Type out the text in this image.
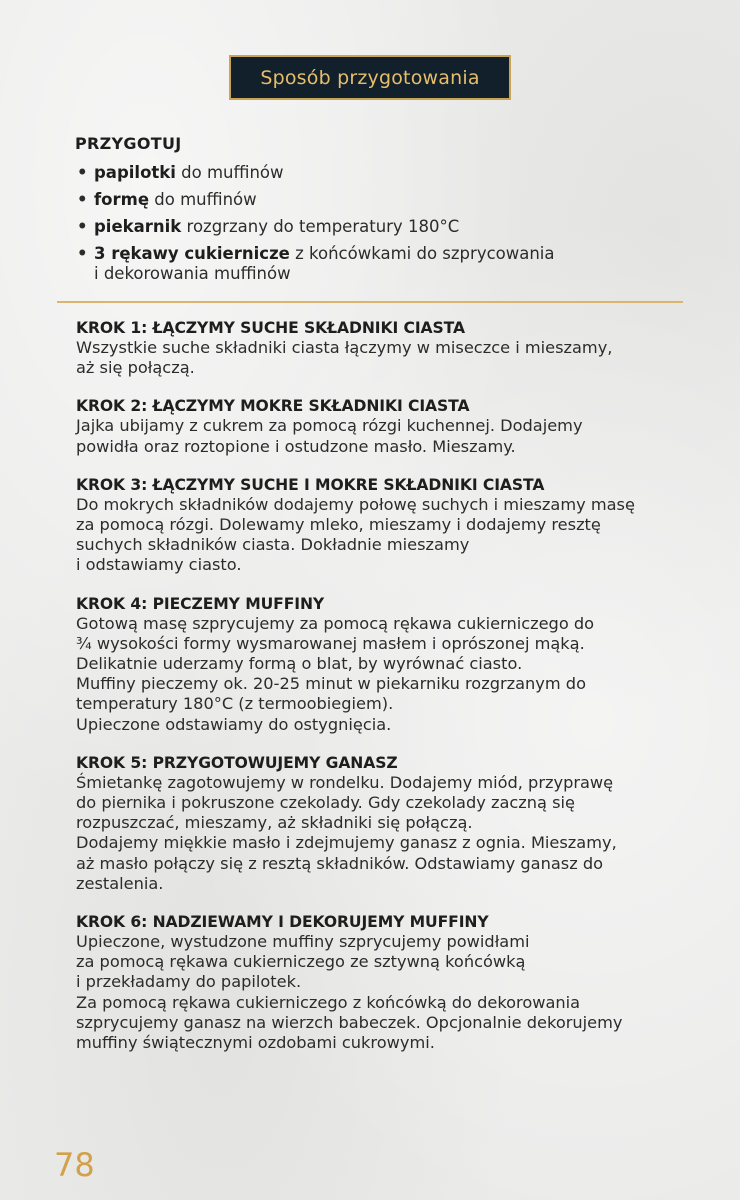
Sposób przygotowania
PRZYGOTUJ
• papilotki do muffinów
• formę do muffinów
• piekarnik rozgrzany do temperatury 180°C
• 3 rękawy cukiernicze z końcówkami do szprycowania
i dekorowania muffinów
KROK 1: ŁĄCZYMY SUCHE SKŁADNIKI CIASTA
Wszystkie suche składniki ciasta łączymy w miseczce i mieszamy,
aż się połączą.
KROK 2: ŁĄCZYMY MOKRE SKŁADNIKI CIASTA
Jajka ubijamy z cukrem za pomocą rózgi kuchennej. Dodajemy
powidła oraz roztopione i ostudzone masło. Mieszamy.
KROK 3: ŁĄCZYMY SUCHE I MOKRE SKŁADNIKI CIASTA
Do mokrych składników dodajemy połowę suchych i mieszamy masę
za pomocą rózgi. Dolewamy mleko, mieszamy i dodajemy resztę
suchych składników ciasta. Dokładnie mieszamy
i odstawiamy ciasto.
KROK 4: PIECZEMY MUFFINY
Gotową masę szprycujemy za pomocą rękawa cukierniczego do
¾ wysokości formy wysmarowanej masłem i oprószonej mąką.
Delikatnie uderzamy formą o blat, by wyrównać ciasto.
Muffiny pieczemy ok. 20-25 minut w piekarniku rozgrzanym do
temperatury 180°C (z termoobiegiem).
Upieczone odstawiamy do ostygnięcia.
KROK 5: PRZYGOTOWUJEMY GANASZ
Śmietankę zagotowujemy w rondelku. Dodajemy miód, przyprawę
do piernika i pokruszone czekolady. Gdy czekolady zaczną się
rozpuszczać, mieszamy, aż składniki się połączą.
Dodajemy miękkie masło i zdejmujemy ganasz z ognia. Mieszamy,
aż masło połączy się z resztą składników. Odstawiamy ganasz do
zestalenia.
KROK 6: NADZIEWAMY I DEKORUJEMY MUFFINY
Upieczone, wystudzone muffiny szprycujemy powidłami
za pomocą rękawa cukierniczego ze sztywną końcówką
i przekładamy do papilotek.
Za pomocą rękawa cukierniczego z końcówką do dekorowania
szprycujemy ganasz na wierzch babeczek. Opcjonalnie dekorujemy
muffiny świątecznymi ozdobami cukrowymi.
78
